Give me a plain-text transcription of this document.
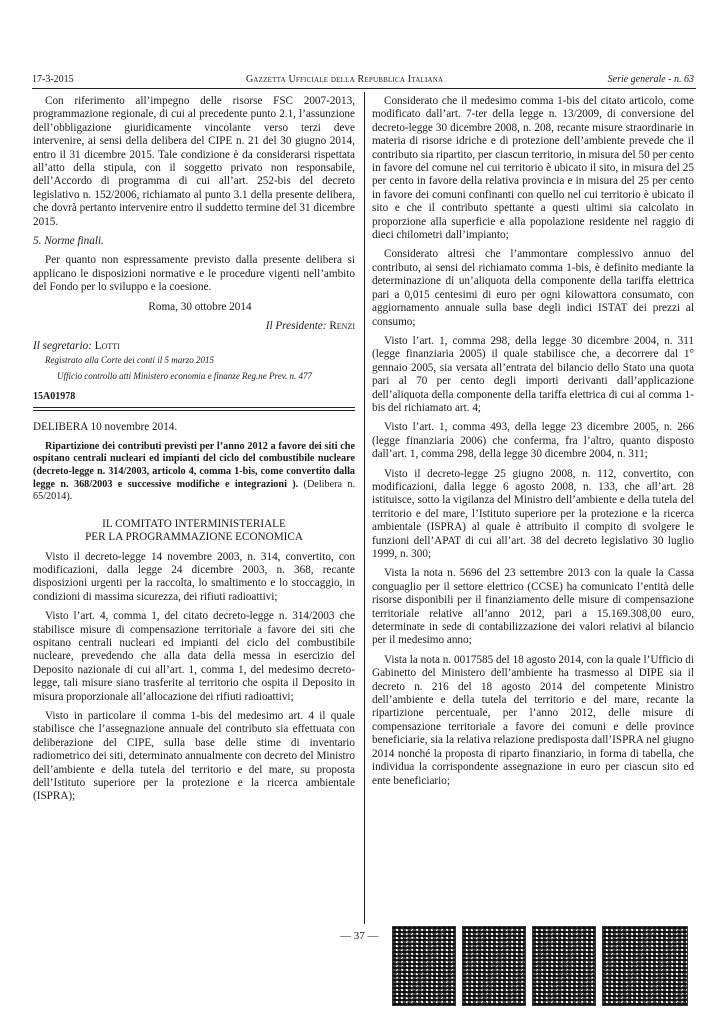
17-3-2015	Gazzetta Ufficiale della Repubblica Italiana	Serie generale - n. 63

Con riferimento all’impegno delle risorse FSC 2007-2013, programmazione regionale, di cui al precedente punto 2.1, l’assunzione dell’obbligazione giuridicamente vincolante verso terzi deve intervenire, ai sensi della delibera del CIPE n. 21 del 30 giugno 2014, entro il 31 dicembre 2015. Tale condizione è da considerarsi rispettata all’atto della stipula, con il soggetto privato non responsabile, dell’Accordo di programma di cui all’art. 252-bis del decreto legislativo n. 152/2006, richiamato al punto 3.1 della presente delibera, che dovrà pertanto intervenire entro il suddetto termine del 31 dicembre 2015.

5. Norme finali.

Per quanto non espressamente previsto dalla presente delibera si applicano le disposizioni normative e le procedure vigenti nell’ambito del Fondo per lo sviluppo e la coesione.

Roma, 30 ottobre 2014

Il Presidente: Renzi

Il segretario: Lotti

Registrato alla Corte dei conti il 5 marzo 2015

Ufficio controllo atti Ministero economia e finanze Reg.ne Prev. n. 477

15A01978

DELIBERA 10 novembre 2014.

Ripartizione dei contributi previsti per l’anno 2012 a favore dei siti che ospitano centrali nucleari ed impianti del ciclo del combustibile nucleare (decreto-legge n. 314/2003, articolo 4, comma 1-bis, come convertito dalla legge n. 368/2003 e successive modifiche e integrazioni ). (Delibera n. 65/2014).

IL COMITATO INTERMINISTERIALE

PER LA PROGRAMMAZIONE ECONOMICA

Visto il decreto-legge 14 novembre 2003, n. 314, convertito, con modificazioni, dalla legge 24 dicembre 2003, n. 368, recante disposizioni urgenti per la raccolta, lo smaltimento e lo stoccaggio, in condizioni di massima sicurezza, dei rifiuti radioattivi;

Visto l’art. 4, comma 1, del citato decreto-legge n. 314/2003 che stabilisce misure di compensazione territoriale a favore dei siti che ospitano centrali nucleari ed impianti del ciclo del combustibile nucleare, prevedendo che alla data della messa in esercizio del Deposito nazionale di cui all’art. 1, comma 1, del medesimo decreto-legge, tali misure siano trasferite al territorio che ospita il Deposito in misura proporzionale all’allocazione dei rifiuti radioattivi;

Visto in particolare il comma 1-bis del medesimo art. 4 il quale stabilisce che l’assegnazione annuale del contributo sia effettuata con deliberazione del CIPE, sulla base delle stime di inventario radiometrico dei siti, determinato annualmente con decreto del Ministro dell’ambiente e della tutela del territorio e del mare, su proposta dell’Istituto superiore per la protezione e la ricerca ambientale (ISPRA);

Considerato che il medesimo comma 1-bis del citato articolo, come modificato dall’art. 7-ter della legge n. 13/2009, di conversione del decreto-legge 30 dicembre 2008, n. 208, recante misure straordinarie in materia di risorse idriche e di protezione dell’ambiente prevede che il contributo sia ripartito, per ciascun territorio, in misura del 50 per cento in favore del comune nel cui territorio è ubicato il sito, in misura del 25 per cento in favore della relativa provincia e in misura del 25 per cento in favore dei comuni confinanti con quello nel cui territorio è ubicato il sito e che il contributo spettante a questi ultimi sia calcolato in proporzione alla superficie e alla popolazione residente nel raggio di dieci chilometri dall’impianto;

Considerato altresì che l’ammontare complessivo annuo del contributo, ai sensi del richiamato comma 1-bis, è definito mediante la determinazione di un’aliquota della componente della tariffa elettrica pari a 0,015 centesimi di euro per ogni kilowattora consumato, con aggiornamento annuale sulla base degli indici ISTAT dei prezzi al consumo;

Visto l’art. 1, comma 298, della legge 30 dicembre 2004, n. 311 (legge finanziaria 2005) il quale stabilisce che, a decorrere dal 1° gennaio 2005, sia versata all’entrata del bilancio dello Stato una quota pari al 70 per cento degli importi derivanti dall’applicazione dell’aliquota della componente della tariffa elettrica di cui al comma 1-bis del richiamato art. 4;

Visto l’art. 1, comma 493, della legge 23 dicembre 2005, n. 266 (legge finanziaria 2006) che conferma, fra l’altro, quanto disposto dall’art. 1, comma 298, della legge 30 dicembre 2004, n. 311;

Visto il decreto-legge 25 giugno 2008, n. 112, convertito, con modificazioni, dalla legge 6 agosto 2008, n. 133, che all’art. 28 istituisce, sotto la vigilanza del Ministro dell’ambiente e della tutela del territorio e del mare, l’Istituto superiore per la protezione e la ricerca ambientale (ISPRA) al quale è attribuito il compito di svolgere le funzioni dell’APAT di cui all’art. 38 del decreto legislativo 30 luglio 1999, n. 300;

Vista la nota n. 5696 del 23 settembre 2013 con la quale la Cassa conguaglio per il settore elettrico (CCSE) ha comunicato l’entità delle risorse disponibili per il finanziamento delle misure di compensazione territoriale relative all’anno 2012, pari a 15.169.308,00 euro, determinate in sede di contabilizzazione dei valori relativi al bilancio per il medesimo anno;

Vista la nota n. 0017585 del 18 agosto 2014, con la quale l’Ufficio di Gabinetto del Ministero dell’ambiente ha trasmesso al DIPE sia il decreto n. 216 del 18 agosto 2014 del competente Ministro dell’ambiente e della tutela del territorio e del mare, recante la ripartizione percentuale, per l’anno 2012, delle misure di compensazione territoriale a favore dei comuni e delle province beneficiarie, sia la relativa relazione predisposta dall’ISPRA nel giugno 2014 nonché la proposta di riparto finanziario, in forma di tabella, che individua la corrispondente assegnazione in euro per ciascun sito ed ente beneficiario;

— 37 —
